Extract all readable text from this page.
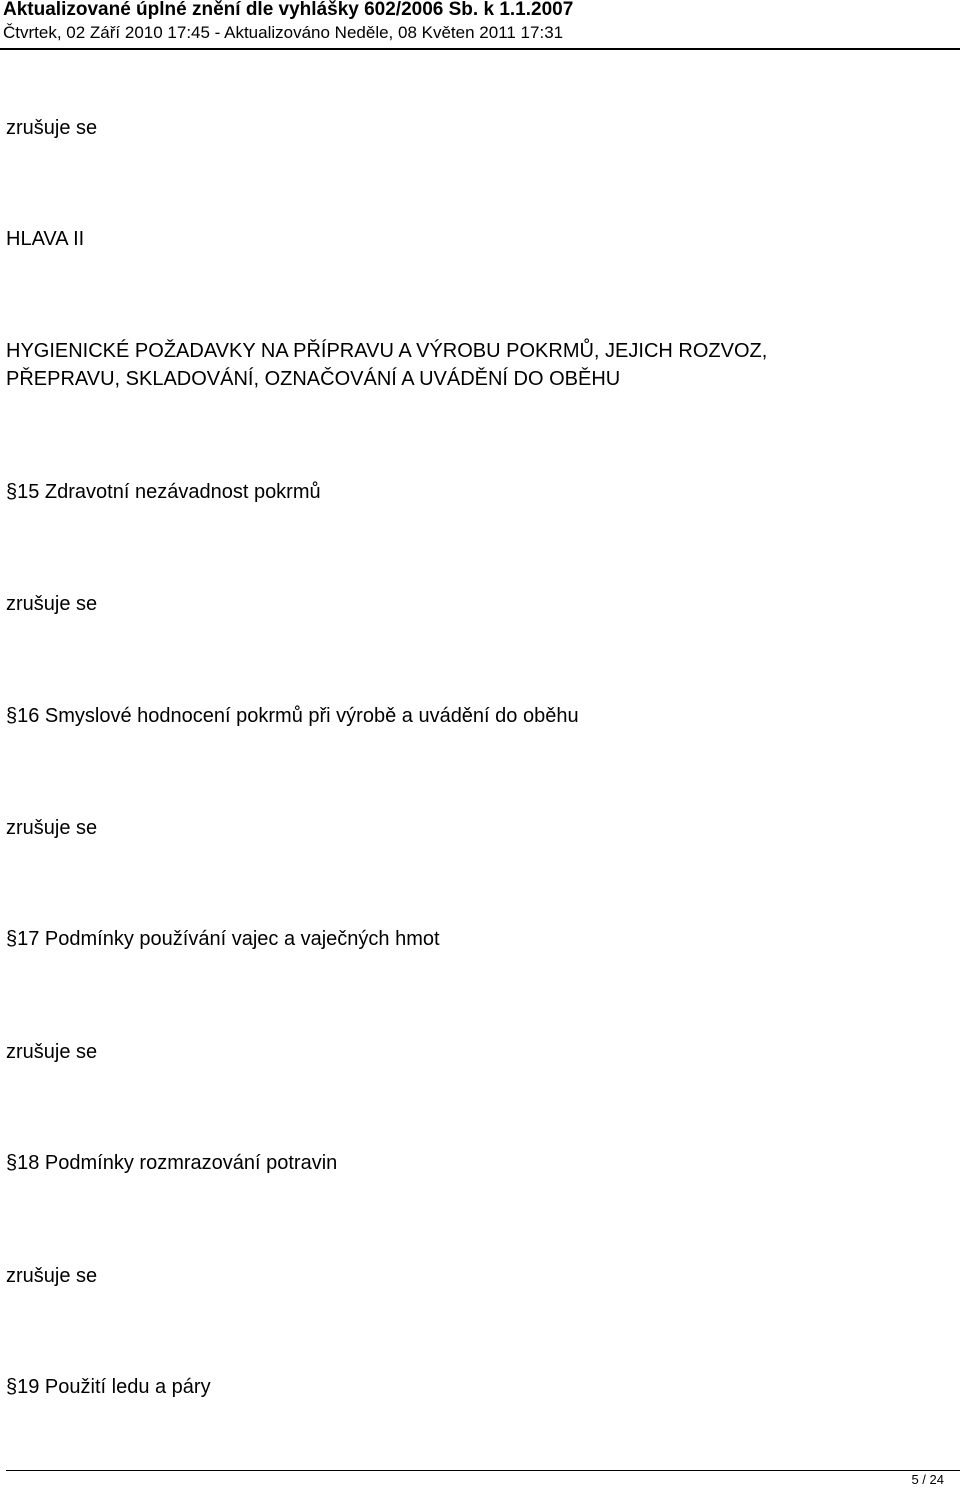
Aktualizované úplné znění dle vyhlášky 602/2006 Sb. k 1.1.2007
Čtvrtek, 02 Září 2010 17:45 - Aktualizováno Neděle, 08 Květen 2011 17:31
zrušuje se
HLAVA II
HYGIENICKÉ POŽADAVKY NA PŘÍPRAVU A VÝROBU POKRMŮ, JEJICH ROZVOZ,
PŘEPRAVU, SKLADOVÁNÍ, OZNAČOVÁNÍ A UVÁDĚNÍ DO OBĚHU
§15 Zdravotní nezávadnost pokrmů
zrušuje se
§16 Smyslové hodnocení pokrmů při výrobě a uvádění do oběhu
zrušuje se
§17 Podmínky používání vajec a vaječných hmot
zrušuje se
§18 Podmínky rozmrazování potravin
zrušuje se
§19 Použití ledu a páry
5 / 24
